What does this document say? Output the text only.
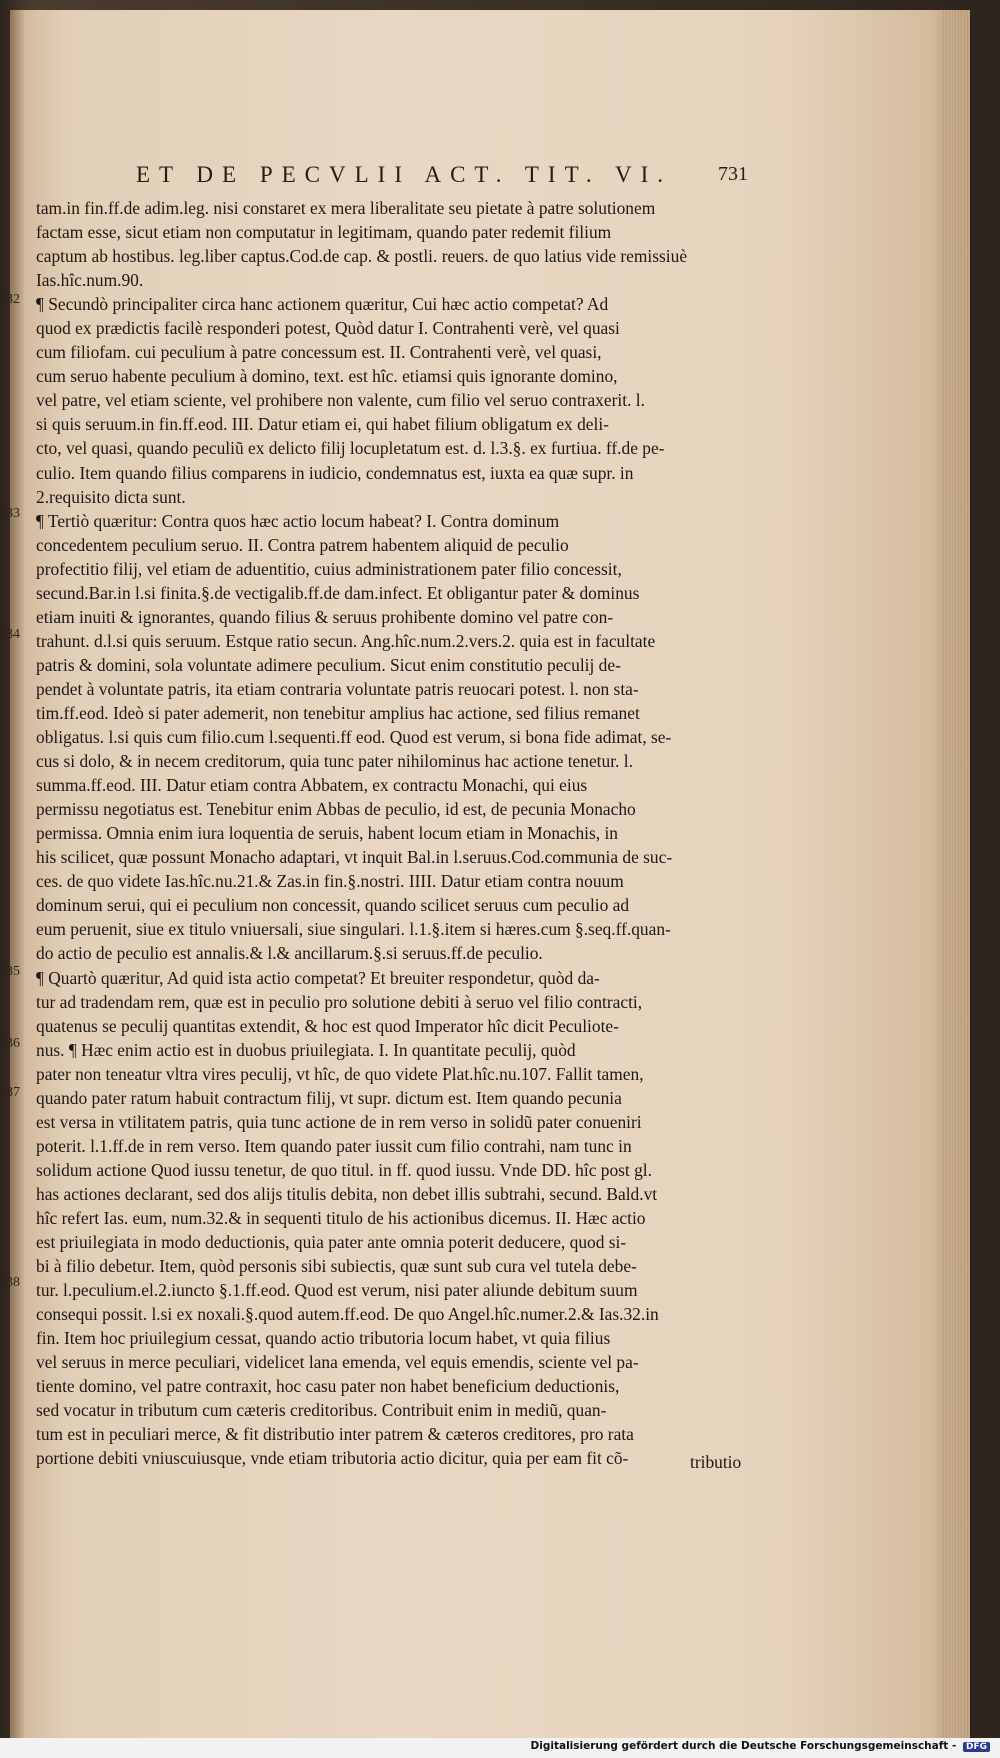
ET DE PECVLII ACT. TIT. VI.	731

tam.in fin.ff.de adim.leg. nisi constaret ex mera liberalitate seu pietate à patre solutionem

factam esse, sicut etiam non computatur in legitimam, quando pater redemit filium

captum ab hostibus. leg.liber captus.Cod.de cap. & postli. reuers. de quo latius vide remissiuè

Ias.hîc.num.90.

¶ Secundò principaliter circa hanc actionem quæritur, Cui hæc actio competat? Ad

quod ex prædictis facilè responderi potest, Quòd datur I. Contrahenti verè, vel quasi

cum filiofam. cui peculium à patre concessum est. II. Contrahenti verè, vel quasi,

cum seruo habente peculium à domino, text. est hîc. etiamsi quis ignorante domino,

vel patre, vel etiam sciente, vel prohibere non valente, cum filio vel seruo contraxerit. l.

si quis seruum.in fin.ff.eod. III. Datur etiam ei, qui habet filium obligatum ex deli-

cto, vel quasi, quando peculiũ ex delicto filij locupletatum est. d. l.3.§. ex furtiua. ff.de pe-

culio. Item quando filius comparens in iudicio, condemnatus est, iuxta ea quæ supr. in

2.requisito dicta sunt.

¶ Tertiò quæritur: Contra quos hæc actio locum habeat? I. Contra dominum

concedentem peculium seruo. II. Contra patrem habentem aliquid de peculio

profectitio filij, vel etiam de aduentitio, cuius administrationem pater filio concessit,

secund.Bar.in l.si finita.§.de vectigalib.ff.de dam.infect. Et obligantur pater & dominus

etiam inuiti & ignorantes, quando filius & seruus prohibente domino vel patre con-

trahunt. d.l.si quis seruum. Estque ratio secun. Ang.hîc.num.2.vers.2. quia est in facultate

patris & domini, sola voluntate adimere peculium. Sicut enim constitutio peculij de-

pendet à voluntate patris, ita etiam contraria voluntate patris reuocari potest. l. non sta-

tim.ff.eod. Ideò si pater ademerit, non tenebitur amplius hac actione, sed filius remanet

obligatus. l.si quis cum filio.cum l.sequenti.ff eod. Quod est verum, si bona fide adimat, se-

cus si dolo, & in necem creditorum, quia tunc pater nihilominus hac actione tenetur. l.

summa.ff.eod. III. Datur etiam contra Abbatem, ex contractu Monachi, qui eius

permissu negotiatus est. Tenebitur enim Abbas de peculio, id est, de pecunia Monacho

permissa. Omnia enim iura loquentia de seruis, habent locum etiam in Monachis, in

his scilicet, quæ possunt Monacho adaptari, vt inquit Bal.in l.seruus.Cod.communia de suc-

ces. de quo videte Ias.hîc.nu.21.& Zas.in fin.§.nostri. IIII. Datur etiam contra nouum

dominum serui, qui ei peculium non concessit, quando scilicet seruus cum peculio ad

eum peruenit, siue ex titulo vniuersali, siue singulari. l.1.§.item si hæres.cum §.seq.ff.quan-

do actio de peculio est annalis.& l.& ancillarum.§.si seruus.ff.de peculio.

¶ Quartò quæritur, Ad quid ista actio competat? Et breuiter respondetur, quòd da-

tur ad tradendam rem, quæ est in peculio pro solutione debiti à seruo vel filio contracti,

quatenus se peculij quantitas extendit, & hoc est quod Imperator hîc dicit Peculiote-

nus. ¶ Hæc enim actio est in duobus priuilegiata. I. In quantitate peculij, quòd

pater non teneatur vltra vires peculij, vt hîc, de quo videte Plat.hîc.nu.107. Fallit tamen,

quando pater ratum habuit contractum filij, vt supr. dictum est. Item quando pecunia

est versa in vtilitatem patris, quia tunc actione de in rem verso in solidũ pater conueniri

poterit. l.1.ff.de in rem verso. Item quando pater iussit cum filio contrahi, nam tunc in

solidum actione Quod iussu tenetur, de quo titul. in ff. quod iussu. Vnde DD. hîc post gl.

has actiones declarant, sed dos alijs titulis debita, non debet illis subtrahi, secund. Bald.vt

hîc refert Ias. eum, num.32.& in sequenti titulo de his actionibus dicemus. II. Hæc actio

est priuilegiata in modo deductionis, quia pater ante omnia poterit deducere, quod si-

bi à filio debetur. Item, quòd personis sibi subiectis, quæ sunt sub cura vel tutela debe-

tur. l.peculium.el.2.iuncto §.1.ff.eod. Quod est verum, nisi pater aliunde debitum suum

consequi possit. l.si ex noxali.§.quod autem.ff.eod. De quo Angel.hîc.numer.2.& Ias.32.in

fin. Item hoc priuilegium cessat, quando actio tributoria locum habet, vt quia filius

vel seruus in merce peculiari, videlicet lana emenda, vel equis emendis, sciente vel pa-

tiente domino, vel patre contraxit, hoc casu pater non habet beneficium deductionis,

sed vocatur in tributum cum cæteris creditoribus. Contribuit enim in mediũ, quan-

tum est in peculiari merce, & fit distributio inter patrem & cæteros creditores, pro rata

portione debiti vniuscuiusque, vnde etiam tributoria actio dicitur, quia per eam fit cõ-

32
33
34
35
36
37
38
tributio
Digitalisierung gefördert durch die Deutsche Forschungsgemeinschaft - DFG
